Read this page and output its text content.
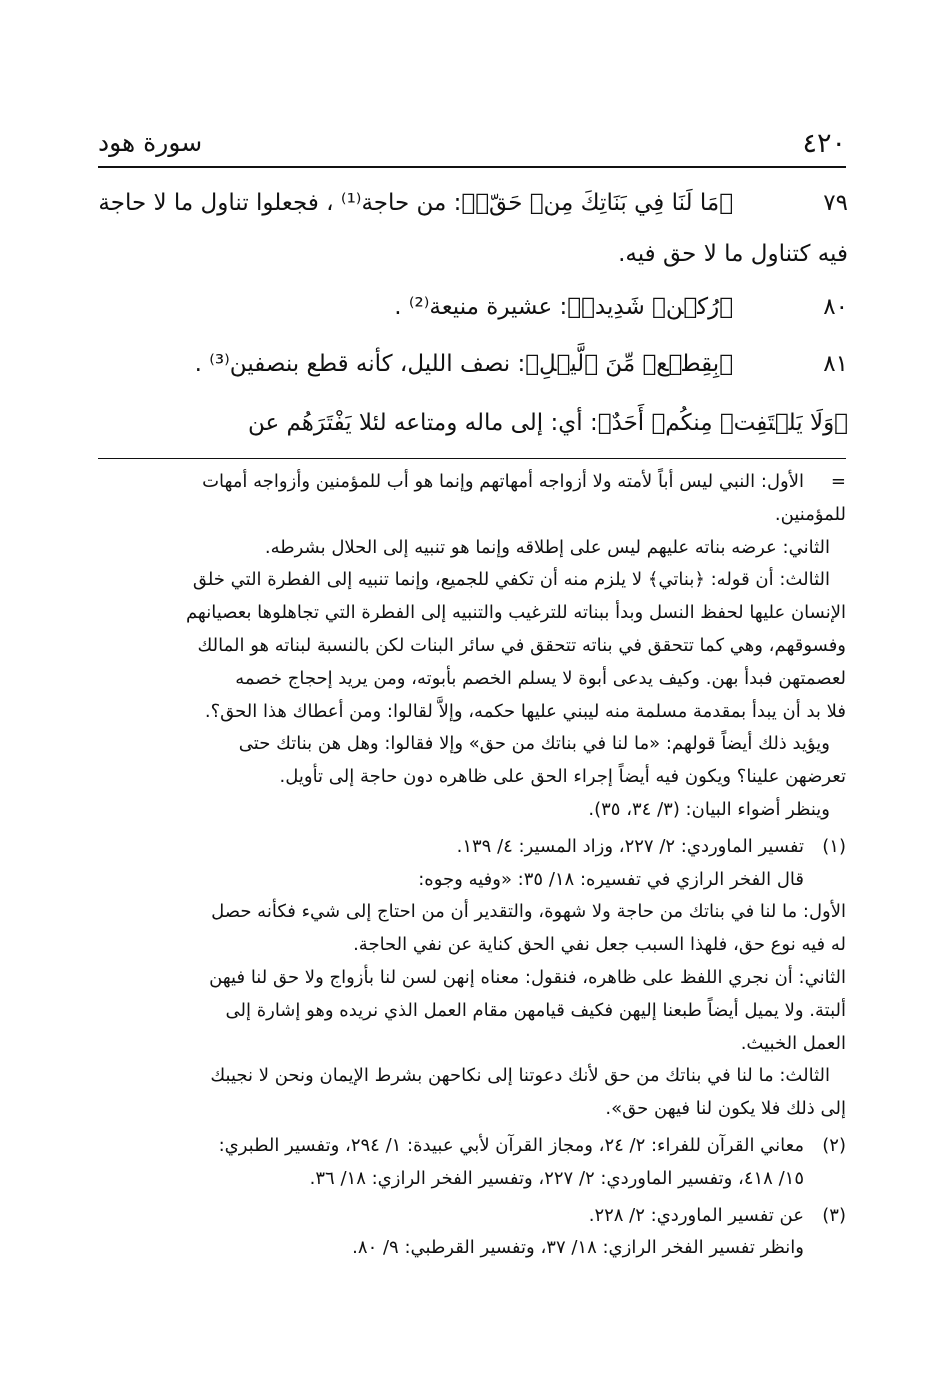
٤٢٠
سورة هود
٧٩
﴿مَا لَنَا فِي بَنَاتِكَ مِنۡ حَقّٖ﴾: من حاجة⁽¹⁾ ، فجعلوا تناول ما لا حاجة
فيه كتناول ما لا حق فيه.
٨٠
﴿رُكۡنٖ شَدِيدٖ﴾: عشيرة منيعة⁽²⁾ .
٨١
﴿بِقِطۡعٖ مِّنَ ٱلَّيۡلِ﴾: نصف الليل، كأنه قطع بنصفين⁽³⁾ .
﴿وَلَا يَلۡتَفِتۡ مِنكُمۡ أَحَدٌ﴾: أي: إلى ماله ومتاعه لئلا يَفْتَرَهُم عن
=
الأول: النبي ليس أباً لأمته ولا أزواجه أمهاتهم وإنما هو أب للمؤمنين وأزواجه أمهات
للمؤمنين.
الثاني: عرضه بناته عليهم ليس على إطلاقه وإنما هو تنبيه إلى الحلال بشرطه.
الثالث: أن قوله: ﴿بناتي﴾ لا يلزم منه أن تكفي للجميع، وإنما تنبيه إلى الفطرة التي خلق
الإنسان عليها لحفظ النسل وبدأ ببناته للترغيب والتنبيه إلى الفطرة التي تجاهلوها بعصيانهم
وفسوقهم، وهي كما تتحقق في بناته تتحقق في سائر البنات لكن بالنسبة لبناته هو المالك
لعصمتهن فبدأ بهن. وكيف يدعى أبوة لا يسلم الخصم بأبوته، ومن يريد إحجاج خصمه
فلا بد أن يبدأ بمقدمة مسلمة منه ليبني عليها حكمه، وإلاَّ لقالوا: ومن أعطاك هذا الحق؟.
ويؤيد ذلك أيضاً قولهم: «ما لنا في بناتك من حق» وإلا فقالوا: وهل هن بناتك حتى
تعرضهن علينا؟ ويكون فيه أيضاً إجراء الحق على ظاهره دون حاجة إلى تأويل.
وينظر أضواء البيان: (٣/ ٣٤، ٣٥).
(١)
تفسير الماوردي: ٢/ ٢٢٧، وزاد المسير: ٤/ ١٣٩.
قال الفخر الرازي في تفسيره: ١٨/ ٣٥: «وفيه وجوه:
الأول: ما لنا في بناتك من حاجة ولا شهوة، والتقدير أن من احتاج إلى شيء فكأنه حصل
له فيه نوع حق، فلهذا السبب جعل نفي الحق كناية عن نفي الحاجة.
الثاني: أن نجري اللفظ على ظاهره، فنقول: معناه إنهن لسن لنا بأزواج ولا حق لنا فيهن
ألبتة. ولا يميل أيضاً طبعنا إليهن فكيف قيامهن مقام العمل الذي نريده وهو إشارة إلى
العمل الخبيث.
الثالث: ما لنا في بناتك من حق لأنك دعوتنا إلى نكاحهن بشرط الإيمان ونحن لا نجيبك
إلى ذلك فلا يكون لنا فيهن حق».
(٢)
معاني القرآن للفراء: ٢/ ٢٤، ومجاز القرآن لأبي عبيدة: ١/ ٢٩٤، وتفسير الطبري:
١٥/ ٤١٨، وتفسير الماوردي: ٢/ ٢٢٧، وتفسير الفخر الرازي: ١٨/ ٣٦.
(٣)
عن تفسير الماوردي: ٢/ ٢٢٨.
وانظر تفسير الفخر الرازي: ١٨/ ٣٧، وتفسير القرطبي: ٩/ ٨٠.
